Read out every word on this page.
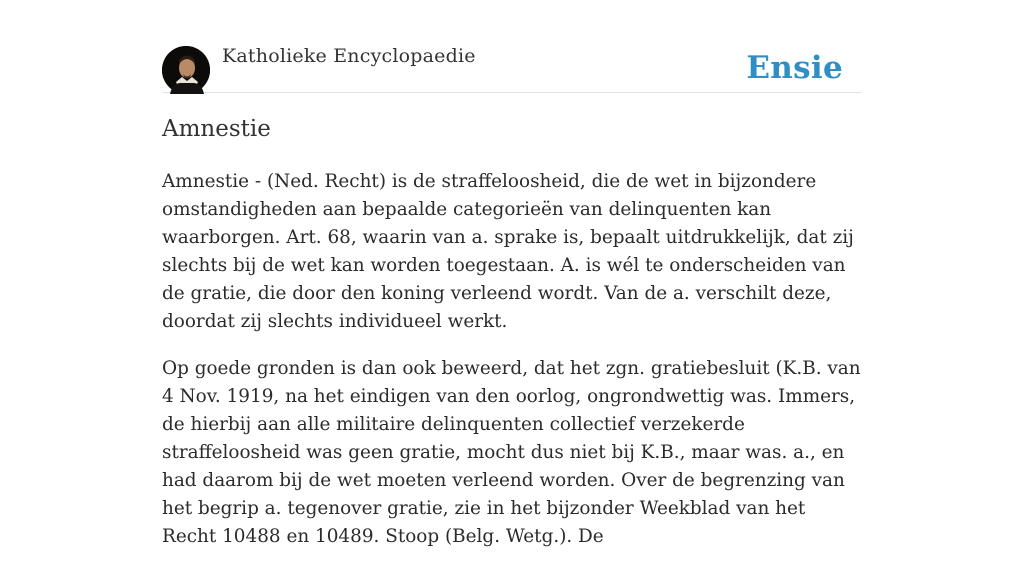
Katholieke Encyclopaedie	Ensie
Amnestie

Amnestie - (Ned. Recht) is de straffeloosheid, die de wet in bijzondere omstandigheden aan bepaalde categorieën van delinquenten kan waarborgen. Art. 68, waarin van a. sprake is, bepaalt uitdrukkelijk, dat zij slechts bij de wet kan worden toegestaan. A. is wél te onderscheiden van de gratie, die door den koning verleend wordt. Van de a. verschilt deze, doordat zij slechts individueel werkt.

Op goede gronden is dan ook beweerd, dat het zgn. gratiebesluit (K.B. van 4 Nov. 1919, na het eindigen van den oorlog, ongrondwettig was. Immers, de hierbij aan alle militaire delinquenten collectief verzekerde straffeloosheid was geen gratie, mocht dus niet bij K.B., maar was. a., en had daarom bij de wet moeten verleend worden. Over de begrenzing van het begrip a. tegenover gratie, zie in het bijzonder Weekblad van het Recht 10488 en 10489. Stoop (Belg. Wetg.). De
